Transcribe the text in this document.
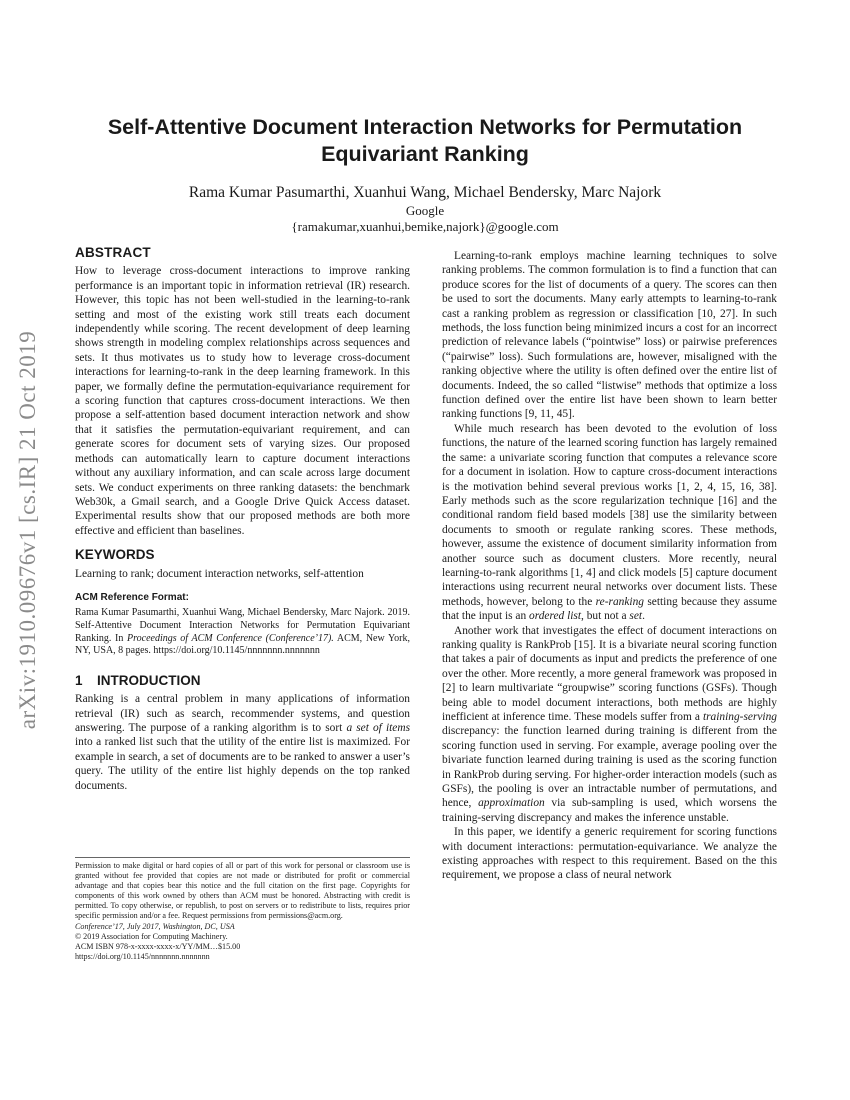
arXiv:1910.09676v1 [cs.IR] 21 Oct 2019
Self-Attentive Document Interaction Networks for Permutation Equivariant Ranking
Rama Kumar Pasumarthi, Xuanhui Wang, Michael Bendersky, Marc Najork
Google
{ramakumar,xuanhui,bemike,najork}@google.com
ABSTRACT

How to leverage cross-document interactions to improve ranking performance is an important topic in information retrieval (IR) research. However, this topic has not been well-studied in the learning-to-rank setting and most of the existing work still treats each document independently while scoring. The recent development of deep learning shows strength in modeling complex relationships across sequences and sets. It thus motivates us to study how to leverage cross-document interactions for learning-to-rank in the deep learning framework. In this paper, we formally define the permutation-equivariance requirement for a scoring function that captures cross-document interactions. We then propose a self-attention based document interaction network and show that it satisfies the permutation-equivariant requirement, and can generate scores for document sets of varying sizes. Our proposed methods can automatically learn to capture document interactions without any auxiliary information, and can scale across large document sets. We conduct experiments on three ranking datasets: the benchmark Web30k, a Gmail search, and a Google Drive Quick Access dataset. Experimental results show that our proposed methods are both more effective and efficient than baselines.

KEYWORDS

Learning to rank; document interaction networks, self-attention

ACM Reference Format:

Rama Kumar Pasumarthi, Xuanhui Wang, Michael Bendersky, Marc Najork. 2019. Self-Attentive Document Interaction Networks for Permutation Equivariant Ranking. In Proceedings of ACM Conference (Conference’17). ACM, New York, NY, USA, 8 pages. https://doi.org/10.1145/nnnnnnn.nnnnnnn

1 INTRODUCTION

Ranking is a central problem in many applications of information retrieval (IR) such as search, recommender systems, and question answering. The purpose of a ranking algorithm is to sort a set of items into a ranked list such that the utility of the entire list is maximized. For example in search, a set of documents are to be ranked to answer a user’s query. The utility of the entire list highly depends on the top ranked documents.

Permission to make digital or hard copies of all or part of this work for personal or classroom use is granted without fee provided that copies are not made or distributed for profit or commercial advantage and that copies bear this notice and the full citation on the first page. Copyrights for components of this work owned by others than ACM must be honored. Abstracting with credit is permitted. To copy otherwise, or republish, to post on servers or to redistribute to lists, requires prior specific permission and/or a fee. Request permissions from permissions@acm.org.

Conference’17, July 2017, Washington, DC, USA

© 2019 Association for Computing Machinery.

ACM ISBN 978-x-xxxx-xxxx-x/YY/MM…$15.00

https://doi.org/10.1145/nnnnnnn.nnnnnnn

Learning-to-rank employs machine learning techniques to solve ranking problems. The common formulation is to find a function that can produce scores for the list of documents of a query. The scores can then be used to sort the documents. Many early attempts to learning-to-rank cast a ranking problem as regression or classification [10, 27]. In such methods, the loss function being minimized incurs a cost for an incorrect prediction of relevance labels (“pointwise” loss) or pairwise preferences (“pairwise” loss). Such formulations are, however, misaligned with the ranking objective where the utility is often defined over the entire list of documents. Indeed, the so called “listwise” methods that optimize a loss function defined over the entire list have been shown to learn better ranking functions [9, 11, 45].

While much research has been devoted to the evolution of loss functions, the nature of the learned scoring function has largely remained the same: a univariate scoring function that computes a relevance score for a document in isolation. How to capture cross-document interactions is the motivation behind several previous works [1, 2, 4, 15, 16, 38]. Early methods such as the score regularization technique [16] and the conditional random field based models [38] use the similarity between documents to smooth or regulate ranking scores. These methods, however, assume the existence of document similarity information from another source such as document clusters. More recently, neural learning-to-rank algorithms [1, 4] and click models [5] capture document interactions using recurrent neural networks over document lists. These methods, however, belong to the re-ranking setting because they assume that the input is an ordered list, but not a set.

Another work that investigates the effect of document interactions on ranking quality is RankProb [15]. It is a bivariate neural scoring function that takes a pair of documents as input and predicts the preference of one over the other. More recently, a more general framework was proposed in [2] to learn multivariate “groupwise” scoring functions (GSFs). Though being able to model document interactions, both methods are highly inefficient at inference time. These models suffer from a training-serving discrepancy: the function learned during training is different from the scoring function used in serving. For example, average pooling over the bivariate function learned during training is used as the scoring function in RankProb during serving. For higher-order interaction models (such as GSFs), the pooling is over an intractable number of permutations, and hence, approximation via sub-sampling is used, which worsens the training-serving discrepancy and makes the inference unstable.

In this paper, we identify a generic requirement for scoring functions with document interactions: permutation-equivariance. We analyze the existing approaches with respect to this requirement. Based on the this requirement, we propose a class of neural network
